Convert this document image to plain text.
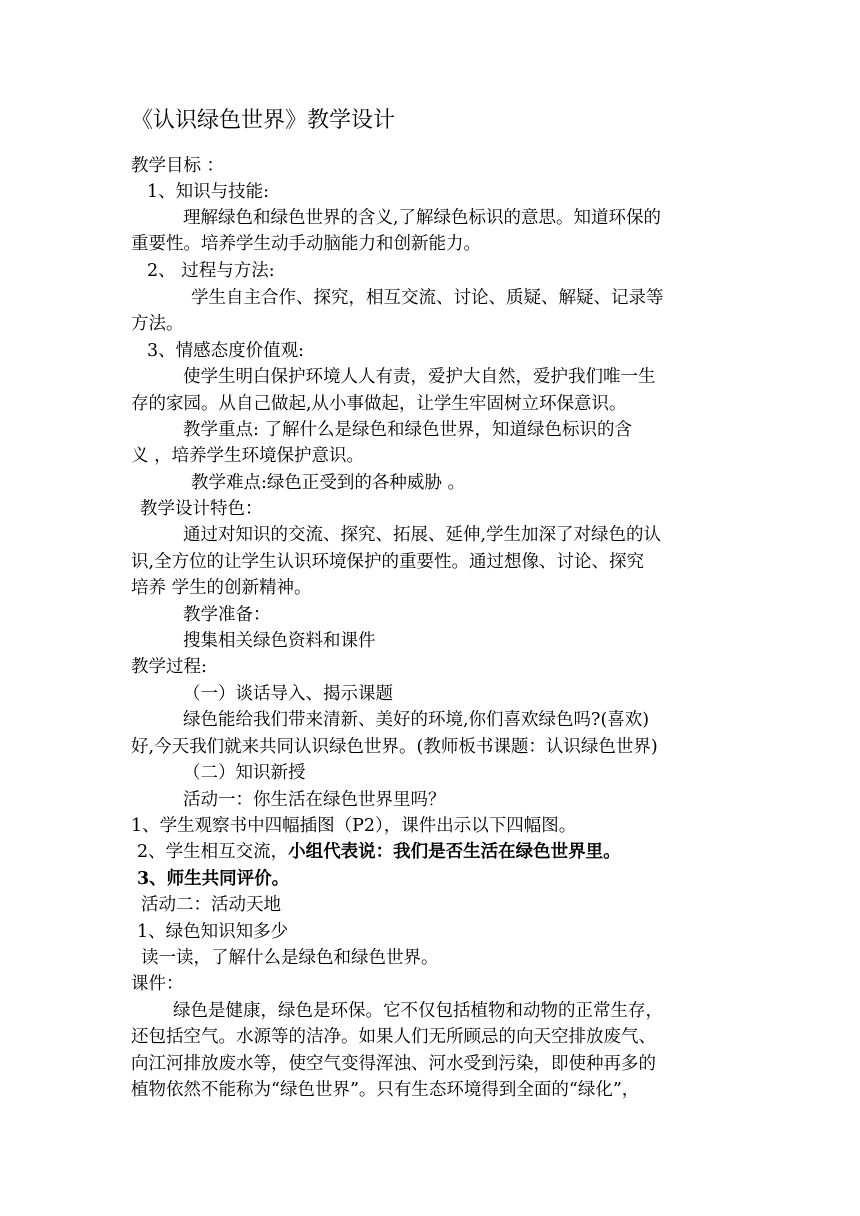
《认识绿色世界》教学设计
教学目标 ：
1、知识与技能:
理解绿色和绿色世界的含义,了解绿色标识的意思。知道环保的
重要性。培养学生动手动脑能力和创新能力。
2、 过程与方法:
学生自主合作、探究，相互交流、讨论、质疑、解疑、记录等
方法。
3、情感态度价值观:
使学生明白保护环境人人有责，爱护大自然，爱护我们唯一生
存的家园。从自己做起,从小事做起，让学生牢固树立环保意识。
教学重点: 了解什么是绿色和绿色世界，知道绿色标识的含
义 ，培养学生环境保护意识。
教学难点:绿色正受到的各种威胁 。
教学设计特色：
通过对知识的交流、探究、拓展、延伸,学生加深了对绿色的认
识,全方位的让学生认识环境保护的重要性。通过想像、讨论、探究
培养 学生的创新精神。
教学准备：
搜集相关绿色资料和课件
教学过程:
（一）谈话导入、揭示课题
绿色能给我们带来清新、美好的环境,你们喜欢绿色吗?(喜欢)
好,今天我们就来共同认识绿色世界。(教师板书课题：认识绿色世界)
（二）知识新授
活动一：你生活在绿色世界里吗？
1、学生观察书中四幅插图（P2），课件出示以下四幅图。
2、学生相互交流，小组代表说：我们是否生活在绿色世界里。
3、师生共同评价。
活动二：活动天地
1、绿色知识知多少
读一读，了解什么是绿色和绿色世界。
课件：
绿色是健康，绿色是环保。它不仅包括植物和动物的正常生存，
还包括空气。水源等的洁净。如果人们无所顾忌的向天空排放废气、
向江河排放废水等，使空气变得浑浊、河水受到污染，即使种再多的
植物依然不能称为“绿色世界”。只有生态环境得到全面的“绿化”，
